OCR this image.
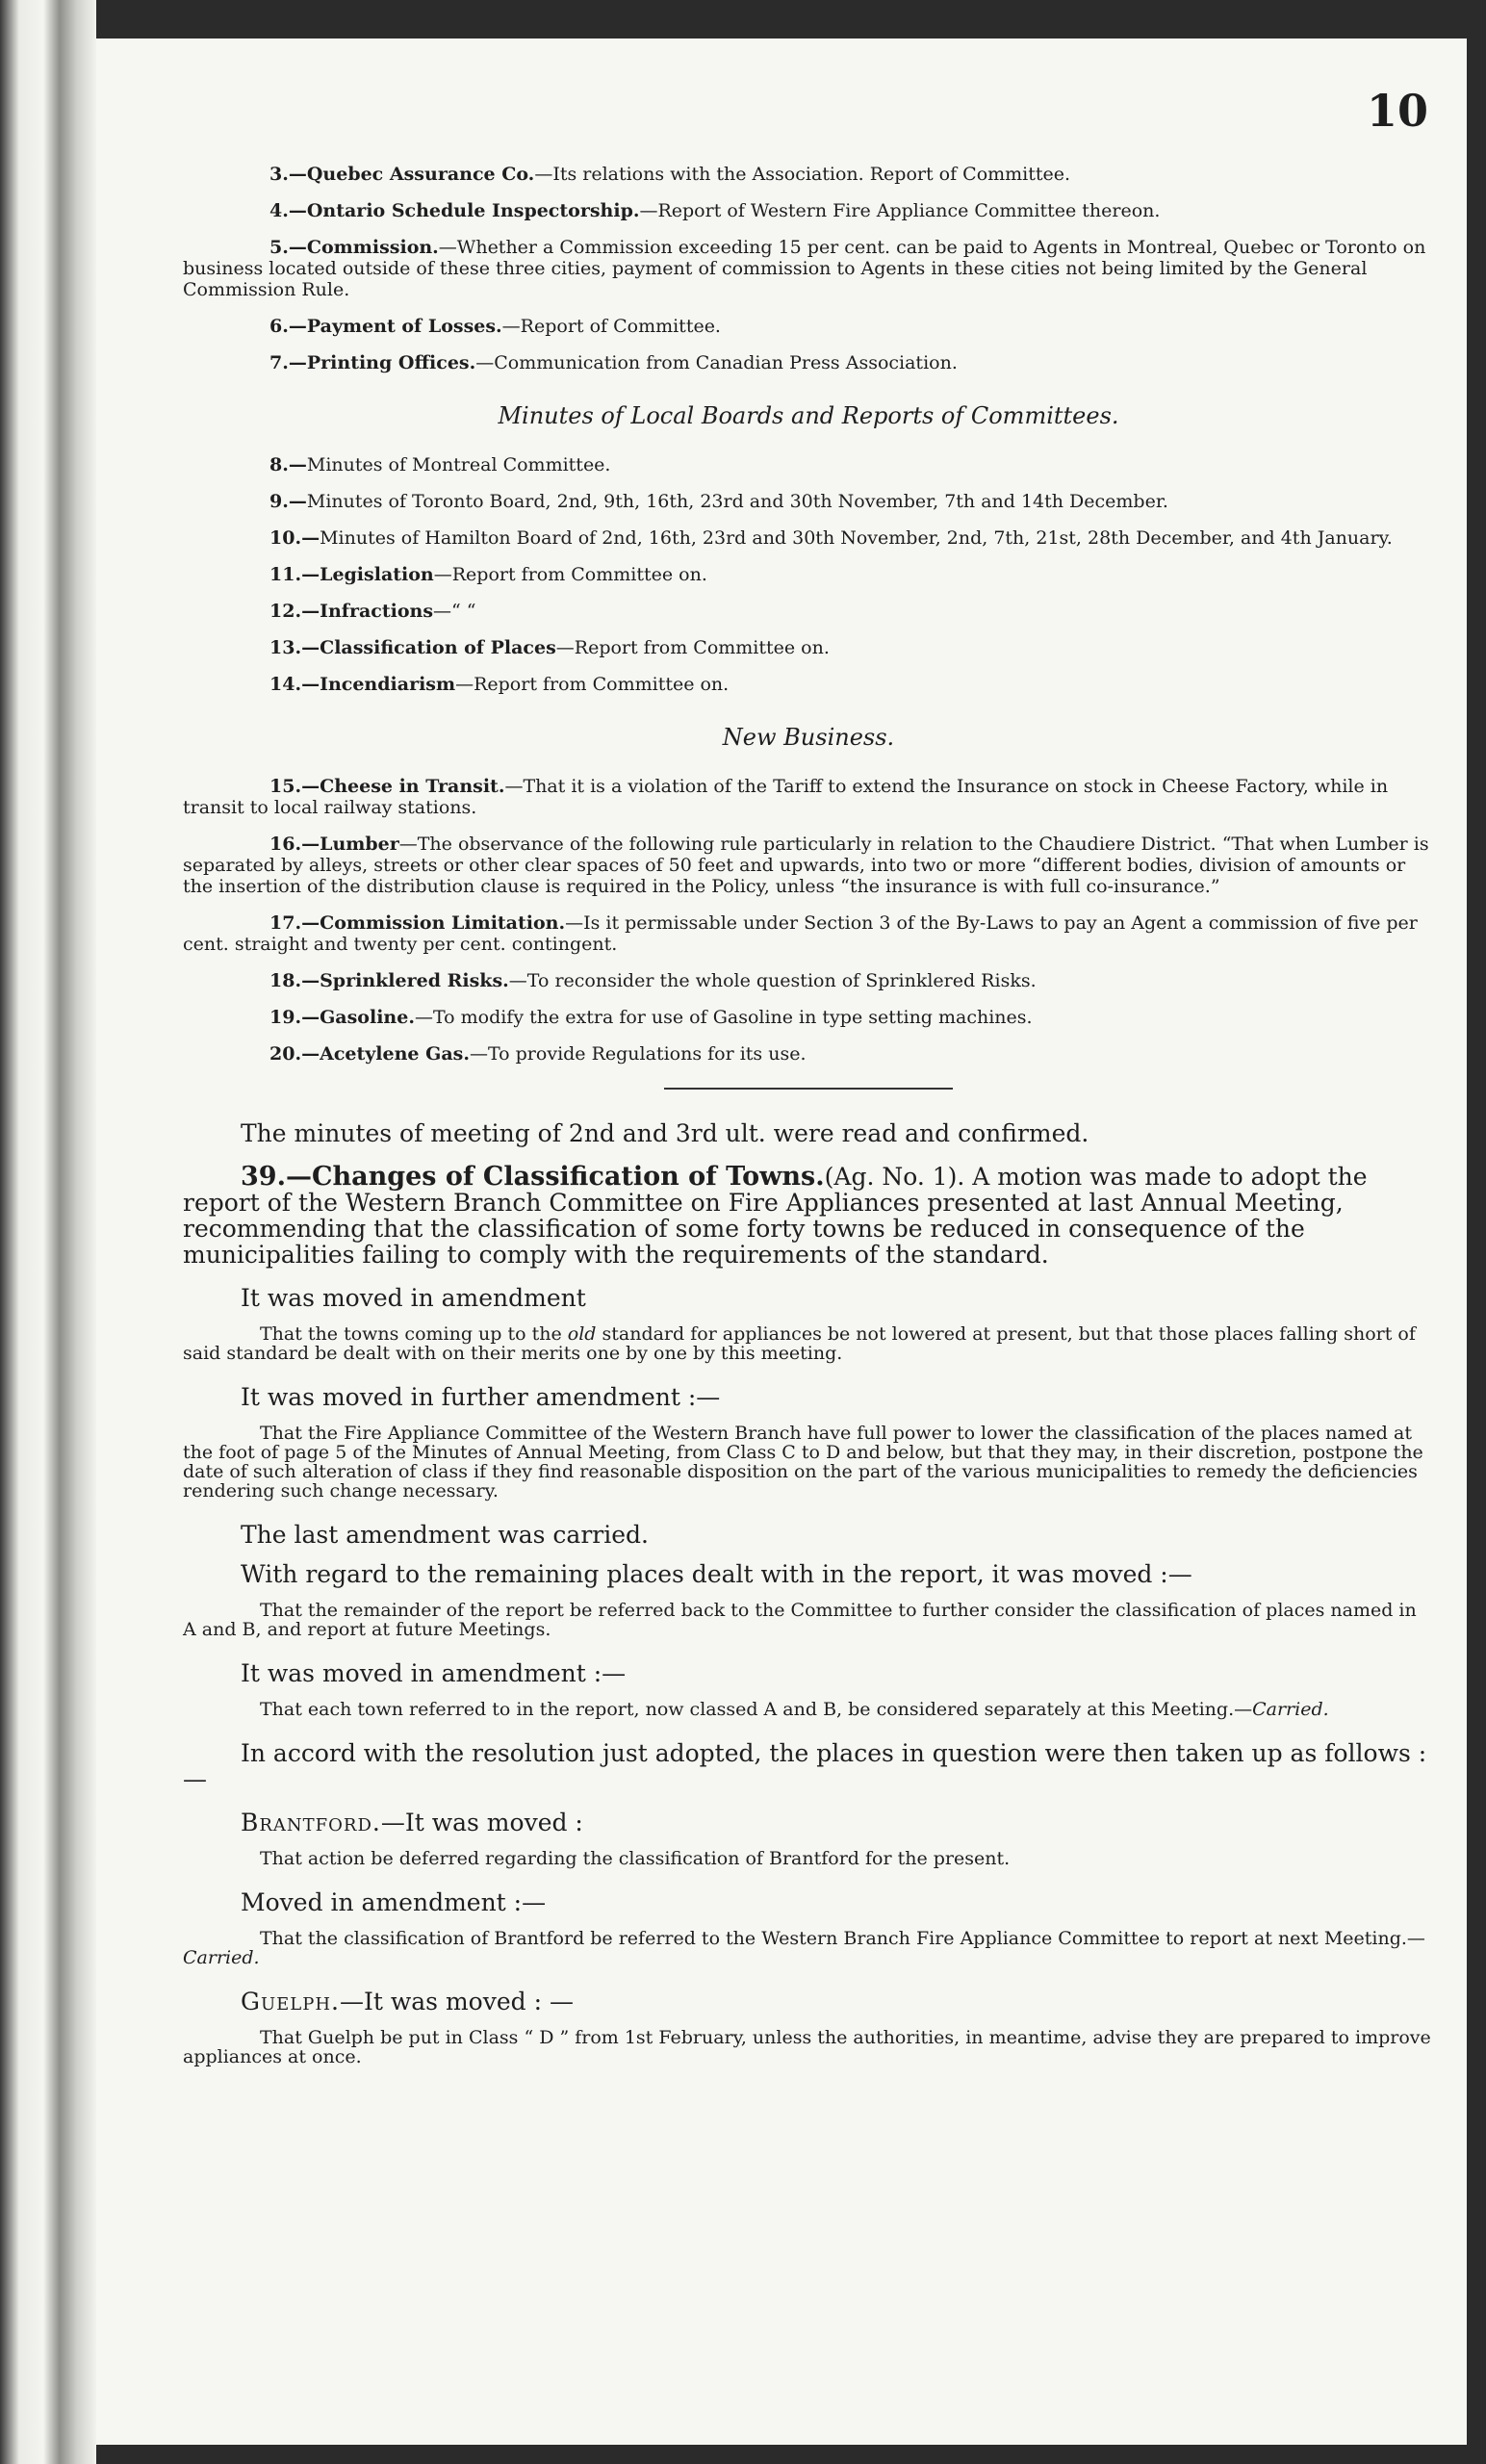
10
3.—Quebec Assurance Co.—Its relations with the Association. Report of Committee.
4.—Ontario Schedule Inspectorship.—Report of Western Fire Appliance Committee thereon.
5.—Commission.—Whether a Commission exceeding 15 per cent. can be paid to Agents in Montreal, Quebec or Toronto on business located outside of these three cities, payment of commission to Agents in these cities not being limited by the General Commission Rule.
6.—Payment of Losses.—Report of Committee.
7.—Printing Offices.—Communication from Canadian Press Association.
Minutes of Local Boards and Reports of Committees.
8.—Minutes of Montreal Committee.
9.—Minutes of Toronto Board, 2nd, 9th, 16th, 23rd and 30th November, 7th and 14th December.
10.—Minutes of Hamilton Board of 2nd, 16th, 23rd and 30th November, 2nd, 7th, 21st, 28th December, and 4th January.
11.—Legislation—Report from Committee on.
12.—Infractions—“ “
13.—Classification of Places—Report from Committee on.
14.—Incendiarism—Report from Committee on.
New Business.
15.—Cheese in Transit.—That it is a violation of the Tariff to extend the Insurance on stock in Cheese Factory, while in transit to local railway stations.
16.—Lumber—The observance of the following rule particularly in relation to the Chaudiere District. “That when Lumber is separated by alleys, streets or other clear spaces of 50 feet and upwards, into two or more “different bodies, division of amounts or the insertion of the distribution clause is required in the Policy, unless “the insurance is with full co-insurance.”
17.—Commission Limitation.—Is it permissable under Section 3 of the By-Laws to pay an Agent a commission of five per cent. straight and twenty per cent. contingent.
18.—Sprinklered Risks.—To reconsider the whole question of Sprinklered Risks.
19.—Gasoline.—To modify the extra for use of Gasoline in type setting machines.
20.—Acetylene Gas.—To provide Regulations for its use.
The minutes of meeting of 2nd and 3rd ult. were read and confirmed.
39.—Changes of Classification of Towns.(Ag. No. 1). A motion was made to adopt the report of the Western Branch Committee on Fire Appliances presented at last Annual Meeting, recommending that the classification of some forty towns be reduced in consequence of the municipalities failing to comply with the requirements of the standard.
It was moved in amendment
That the towns coming up to the old standard for appliances be not lowered at present, but that those places falling short of said standard be dealt with on their merits one by one by this meeting.
It was moved in further amendment :—
That the Fire Appliance Committee of the Western Branch have full power to lower the classification of the places named at the foot of page 5 of the Minutes of Annual Meeting, from Class C to D and below, but that they may, in their discretion, postpone the date of such alteration of class if they find reasonable disposition on the part of the various municipalities to remedy the deficiencies rendering such change necessary.
The last amendment was carried.
With regard to the remaining places dealt with in the report, it was moved :—
That the remainder of the report be referred back to the Committee to further consider the classification of places named in A and B, and report at future Meetings.
It was moved in amendment :—
That each town referred to in the report, now classed A and B, be considered separately at this Meeting.—Carried.
In accord with the resolution just adopted, the places in question were then taken up as follows :—
Brantford.—It was moved :
That action be deferred regarding the classification of Brantford for the present.
Moved in amendment :—
That the classification of Brantford be referred to the Western Branch Fire Appliance Committee to report at next Meeting.—Carried.
Guelph.—It was moved : —
That Guelph be put in Class “ D ” from 1st February, unless the authorities, in meantime, advise they are prepared to improve appliances at once.
